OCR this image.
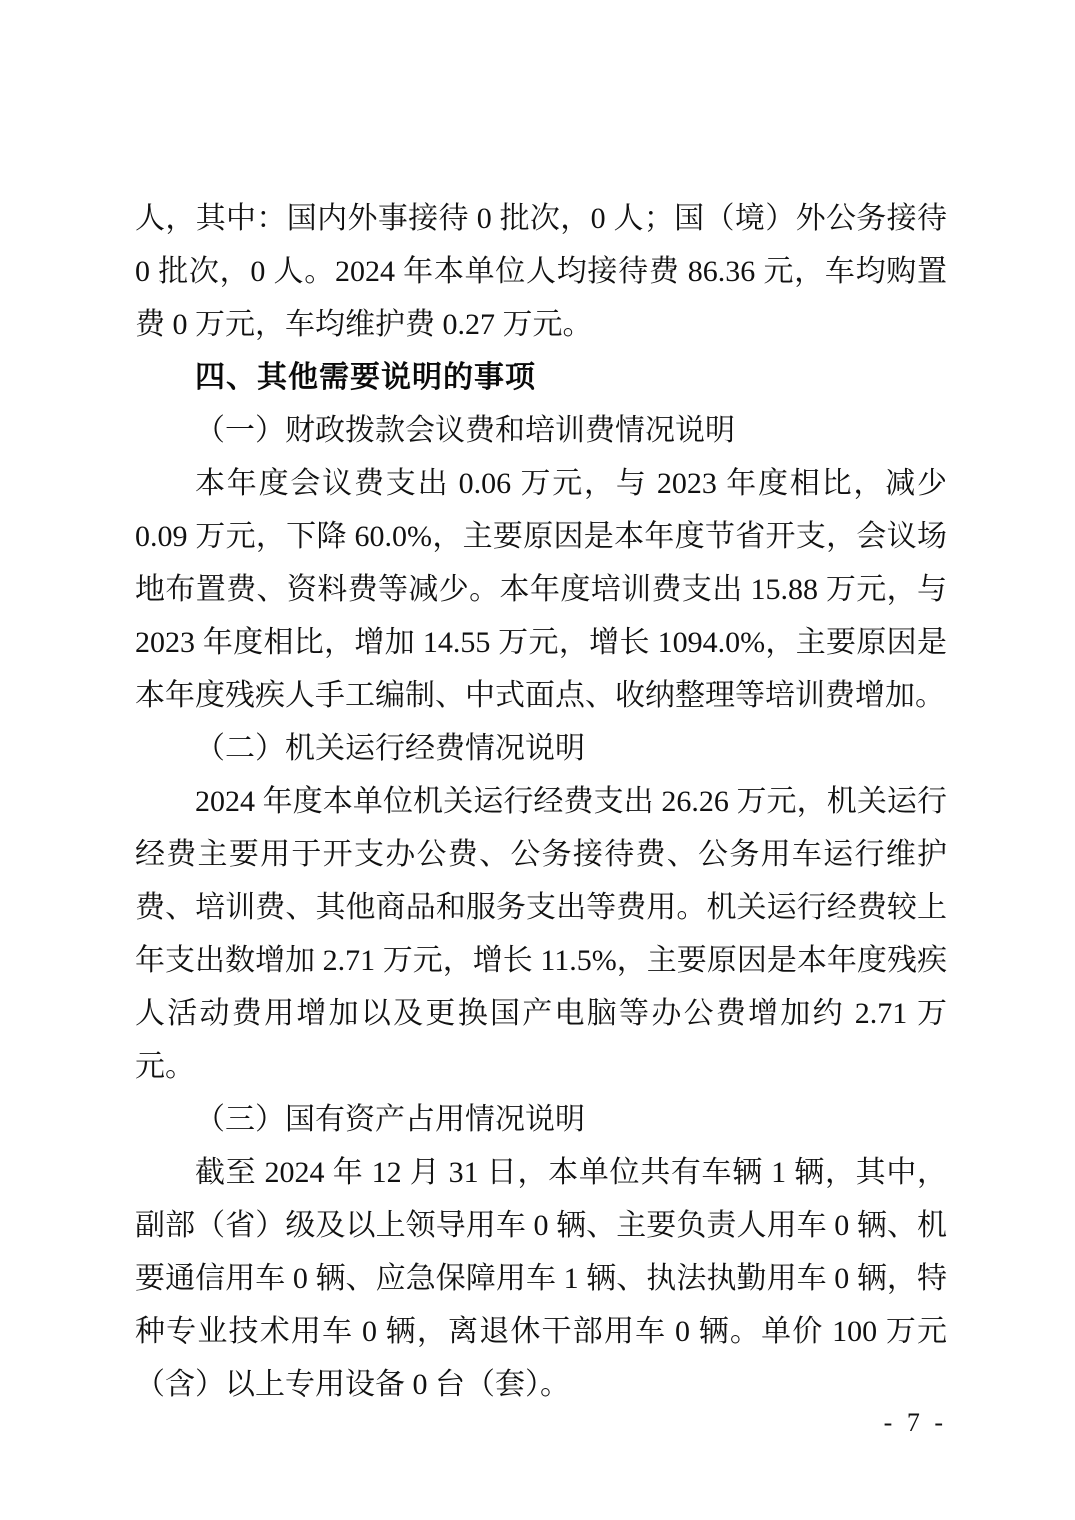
人，其中：国内外事接待 0 批次，0 人；国（境）外公务接待 0 批次，0 人。2024 年本单位人均接待费 86.36 元，车均购置费 0 万元，车均维护费 0.27 万元。

四、其他需要说明的事项

（一）财政拨款会议费和培训费情况说明

本年度会议费支出 0.06 万元，与 2023 年度相比，减少 0.09 万元，下降 60.0%，主要原因是本年度节省开支，会议场地布置费、资料费等减少。本年度培训费支出 15.88 万元，与 2023 年度相比，增加 14.55 万元，增长 1094.0%，主要原因是本年度残疾人手工编制、中式面点、收纳整理等培训费增加。

（二）机关运行经费情况说明

2024 年度本单位机关运行经费支出 26.26 万元，机关运行经费主要用于开支办公费、公务接待费、公务用车运行维护费、培训费、其他商品和服务支出等费用。机关运行经费较上年支出数增加 2.71 万元，增长 11.5%，主要原因是本年度残疾人活动费用增加以及更换国产电脑等办公费增加约 2.71 万元。

（三）国有资产占用情况说明

截至 2024 年 12 月 31 日，本单位共有车辆 1 辆，其中，副部（省）级及以上领导用车 0 辆、主要负责人用车 0 辆、机要通信用车 0 辆、应急保障用车 1 辆、执法执勤用车 0 辆，特种专业技术用车 0 辆，离退休干部用车 0 辆。单价 100 万元（含）以上专用设备 0 台（套）。

- 7 -
